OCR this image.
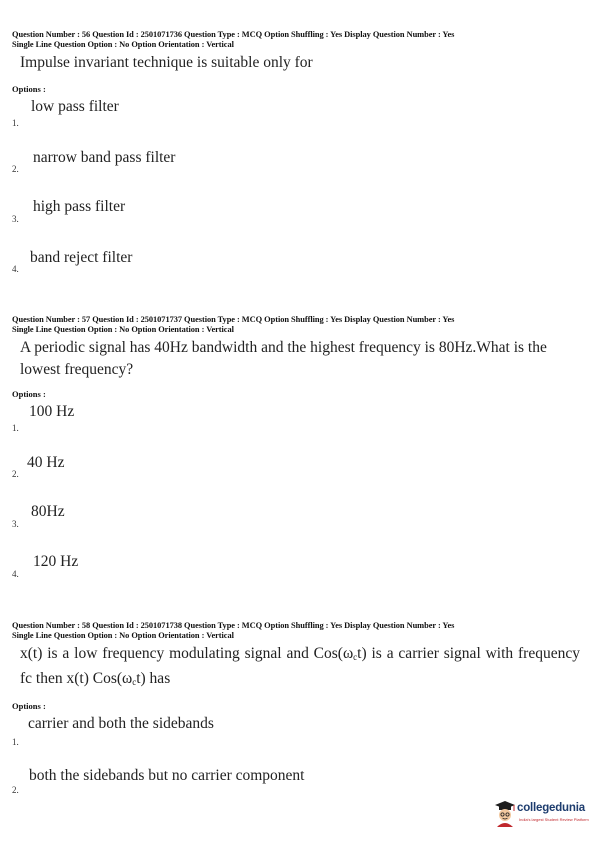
Question Number : 56 Question Id : 2501071736 Question Type : MCQ Option Shuffling : Yes Display Question Number : Yes
Single Line Question Option : No Option Orientation : Vertical
Impulse invariant technique is suitable only for
Options :
1.
low pass filter
2.
narrow band pass filter
3.
high pass filter
4.
band reject filter
Question Number : 57 Question Id : 2501071737 Question Type : MCQ Option Shuffling : Yes Display Question Number : Yes
Single Line Question Option : No Option Orientation : Vertical
A periodic signal has 40Hz bandwidth and the highest frequency is 80Hz.What is the lowest frequency?
Options :
1.
100 Hz
2.
40 Hz
3.
80Hz
4.
120 Hz
Question Number : 58 Question Id : 2501071738 Question Type : MCQ Option Shuffling : Yes Display Question Number : Yes
Single Line Question Option : No Option Orientation : Vertical
x(t) is a low frequency modulating signal and $Cos(\omega_ct)$ is a carrier signal with frequency fc then x(t) $Cos(\omega_ct)$ has
Options :
1.
carrier and both the sidebands
2.
both the sidebands but no carrier component
collegedunia
India's largest Student Review Platform
